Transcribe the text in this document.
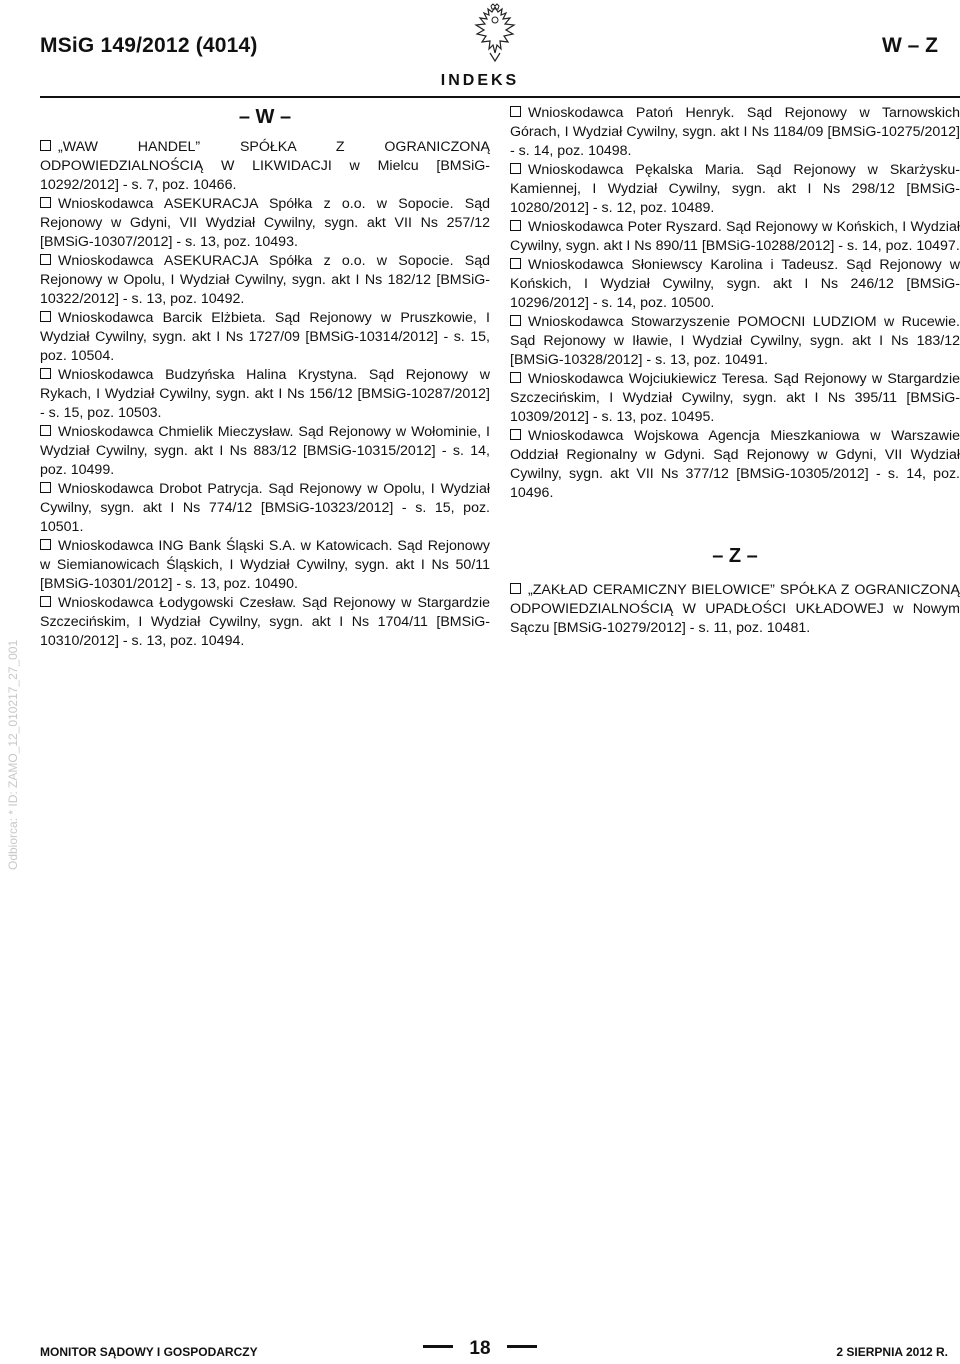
MSiG 149/2012 (4014)	W – Z
INDEKS
Odbiorca: * ID: ZAMO_12_010217_27_001
– W –

„WAW HANDEL” SPÓŁKA Z OGRANICZONĄ ODPOWIEDZIALNOŚCIĄ W LIKWIDACJI w Mielcu [BMSiG-10292/2012] - s. 7, poz. 10466.

Wnioskodawca ASEKURACJA Spółka z o.o. w Sopocie. Sąd Rejonowy w Gdyni, VII Wydział Cywilny, sygn. akt VII Ns 257/12 [BMSiG-10307/2012] - s. 13, poz. 10493.

Wnioskodawca ASEKURACJA Spółka z o.o. w Sopocie. Sąd Rejonowy w Opolu, I Wydział Cywilny, sygn. akt I Ns 182/12 [BMSiG-10322/2012] - s. 13, poz. 10492.

Wnioskodawca Barcik Elżbieta. Sąd Rejonowy w Pruszkowie, I Wydział Cywilny, sygn. akt I Ns 1727/09 [BMSiG-10314/2012] - s. 15, poz. 10504.

Wnioskodawca Budzyńska Halina Krystyna. Sąd Rejonowy w Rykach, I Wydział Cywilny, sygn. akt I Ns 156/12 [BMSiG-10287/2012] - s. 15, poz. 10503.

Wnioskodawca Chmielik Mieczysław. Sąd Rejonowy w Wołominie, I Wydział Cywilny, sygn. akt I Ns 883/12 [BMSiG-10315/2012] - s. 14, poz. 10499.

Wnioskodawca Drobot Patrycja. Sąd Rejonowy w Opolu, I Wydział Cywilny, sygn. akt I Ns 774/12 [BMSiG-10323/2012] - s. 15, poz. 10501.

Wnioskodawca ING Bank Śląski S.A. w Katowicach. Sąd Rejonowy w Siemianowicach Śląskich, I Wydział Cywilny, sygn. akt I Ns 50/11 [BMSiG-10301/2012] - s. 13, poz. 10490.

Wnioskodawca Łodygowski Czesław. Sąd Rejonowy w Stargardzie Szczecińskim, I Wydział Cywilny, sygn. akt I Ns 1704/11 [BMSiG-10310/2012] - s. 13, poz. 10494.

Wnioskodawca Patoń Henryk. Sąd Rejonowy w Tarnowskich Górach, I Wydział Cywilny, sygn. akt I Ns 1184/09 [BMSiG-10275/2012] - s. 14, poz. 10498.

Wnioskodawca Pękalska Maria. Sąd Rejonowy w Skarżysku-Kamiennej, I Wydział Cywilny, sygn. akt I Ns 298/12 [BMSiG-10280/2012] - s. 12, poz. 10489.

Wnioskodawca Poter Ryszard. Sąd Rejonowy w Końskich, I Wydział Cywilny, sygn. akt I Ns 890/11 [BMSiG-10288/2012] - s. 14, poz. 10497.

Wnioskodawca Słoniewscy Karolina i Tadeusz. Sąd Rejonowy w Końskich, I Wydział Cywilny, sygn. akt I Ns 246/12 [BMSiG-10296/2012] - s. 14, poz. 10500.

Wnioskodawca Stowarzyszenie POMOCNI LUDZIOM w Rucewie. Sąd Rejonowy w Iławie, I Wydział Cywilny, sygn. akt I Ns 183/12 [BMSiG-10328/2012] - s. 13, poz. 10491.

Wnioskodawca Wojciukiewicz Teresa. Sąd Rejonowy w Stargardzie Szczecińskim, I Wydział Cywilny, sygn. akt I Ns 395/11 [BMSiG-10309/2012] - s. 13, poz. 10495.

Wnioskodawca Wojskowa Agencja Mieszkaniowa w Warszawie Oddział Regionalny w Gdyni. Sąd Rejonowy w Gdyni, VII Wydział Cywilny, sygn. akt VII Ns 377/12 [BMSiG-10305/2012] - s. 14, poz. 10496.

– Z –

„ZAKŁAD CERAMICZNY BIELOWICE” SPÓŁKA Z OGRANICZONĄ ODPOWIEDZIALNOŚCIĄ W UPADŁOŚCI UKŁADOWEJ w Nowym Sączu [BMSiG-10279/2012] - s. 11, poz. 10481.

MONITOR SĄDOWY I GOSPODARCZY	18	2 SIERPNIA 2012 R.
